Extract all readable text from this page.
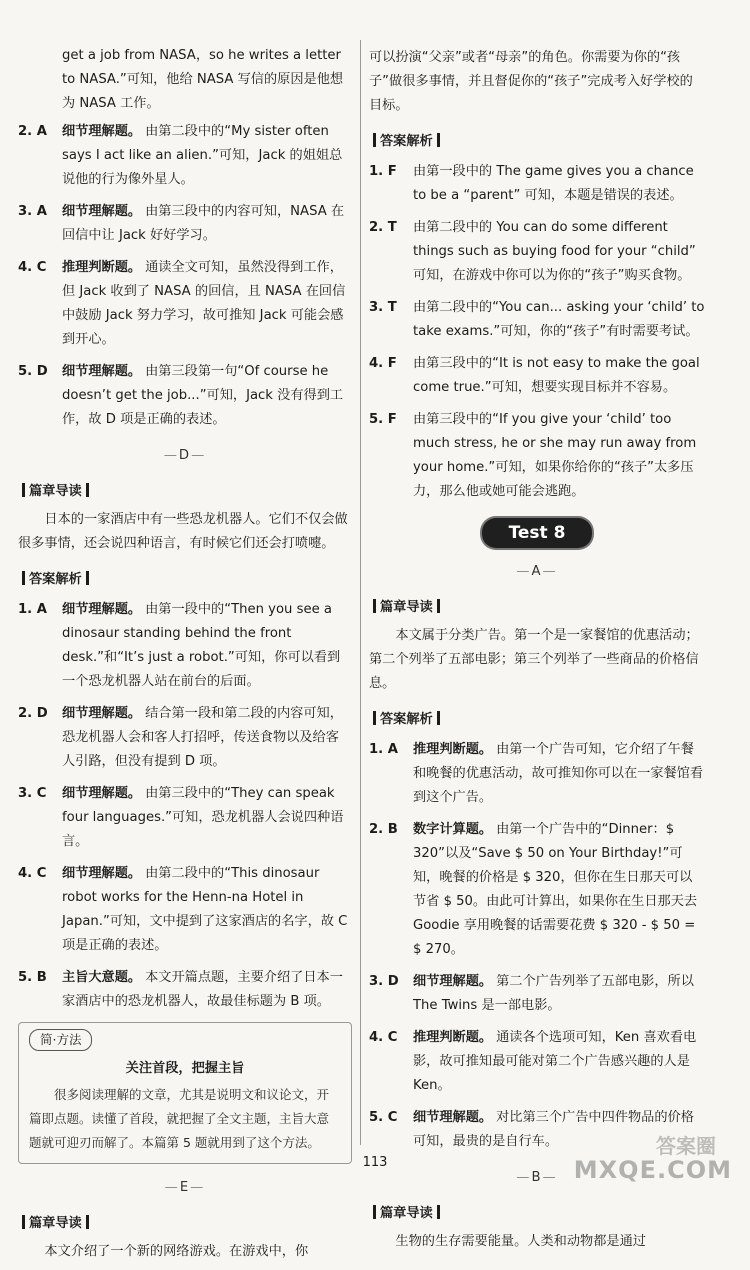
get a job from NASA，so he writes a letter to NASA.”可知，他给 NASA 写信的原因是他想为 NASA 工作。
2. A 细节理解题。 由第二段中的“My sister often says I act like an alien.”可知，Jack 的姐姐总说他的行为像外星人。
3. A 细节理解题。 由第三段中的内容可知，NASA 在回信中让 Jack 好好学习。
4. C 推理判断题。 通读全文可知，虽然没得到工作，但 Jack 收到了 NASA 的回信，且 NASA 在回信中鼓励 Jack 努力学习，故可推知 Jack 可能会感到开心。
5. D 细节理解题。 由第三段第一句“Of course he doesn’t get the job...”可知，Jack 没有得到工作，故 D 项是正确的表述。
—D—
篇章导读
日本的一家酒店中有一些恐龙机器人。它们不仅会做很多事情，还会说四种语言，有时候它们还会打喷嚏。
答案解析
1. A 细节理解题。 由第一段中的“Then you see a dinosaur standing behind the front desk.”和“It’s just a robot.”可知，你可以看到一个恐龙机器人站在前台的后面。
2. D 细节理解题。 结合第一段和第二段的内容可知，恐龙机器人会和客人打招呼，传送食物以及给客人引路，但没有提到 D 项。
3. C 细节理解题。 由第三段中的“They can speak four languages.”可知，恐龙机器人会说四种语言。
4. C 细节理解题。 由第二段中的“This dinosaur robot works for the Henn-na Hotel in Japan.”可知，文中提到了这家酒店的名字，故 C 项是正确的表述。
5. B 主旨大意题。 本文开篇点题，主要介绍了日本一家酒店中的恐龙机器人，故最佳标题为 B 项。
简·方法
关注首段，把握主旨
很多阅读理解的文章，尤其是说明文和议论文，开篇即点题。读懂了首段，就把握了全文主题，主旨大意题就可迎刃而解了。本篇第 5 题就用到了这个方法。
—E—
篇章导读
本文介绍了一个新的网络游戏。在游戏中，你
可以扮演“父亲”或者“母亲”的角色。你需要为你的“孩子”做很多事情，并且督促你的“孩子”完成考入好学校的目标。
答案解析
1. F 由第一段中的 The game gives you a chance to be a “parent” 可知，本题是错误的表述。
2. T 由第二段中的 You can do some different things such as buying food for your “child” 可知，在游戏中你可以为你的“孩子”购买食物。
3. T 由第二段中的“You can... asking your ‘child’ to take exams.”可知，你的“孩子”有时需要考试。
4. F 由第三段中的“It is not easy to make the goal come true.”可知，想要实现目标并不容易。
5. F 由第三段中的“If you give your ‘child’ too much stress, he or she may run away from your home.”可知，如果你给你的“孩子”太多压力，那么他或她可能会逃跑。
Test 8
—A—
篇章导读
本文属于分类广告。第一个是一家餐馆的优惠活动；第二个列举了五部电影；第三个列举了一些商品的价格信息。
答案解析
1. A 推理判断题。 由第一个广告可知，它介绍了午餐和晚餐的优惠活动，故可推知你可以在一家餐馆看到这个广告。
2. B 数字计算题。 由第一个广告中的“Dinner：$ 320”以及“Save $ 50 on Your Birthday!”可知，晚餐的价格是 $ 320，但你在生日那天可以节省 $ 50。由此可计算出，如果你在生日那天去 Goodie 享用晚餐的话需要花费 $ 320 - $ 50 = $ 270。
3. D 细节理解题。 第二个广告列举了五部电影，所以 The Twins 是一部电影。
4. C 推理判断题。 通读各个选项可知，Ken 喜欢看电影，故可推知最可能对第二个广告感兴趣的人是 Ken。
5. C 细节理解题。 对比第三个广告中四件物品的价格可知，最贵的是自行车。
—B—
篇章导读
生物的生存需要能量。人类和动物都是通过
113
答案圈
MXQE.COM
